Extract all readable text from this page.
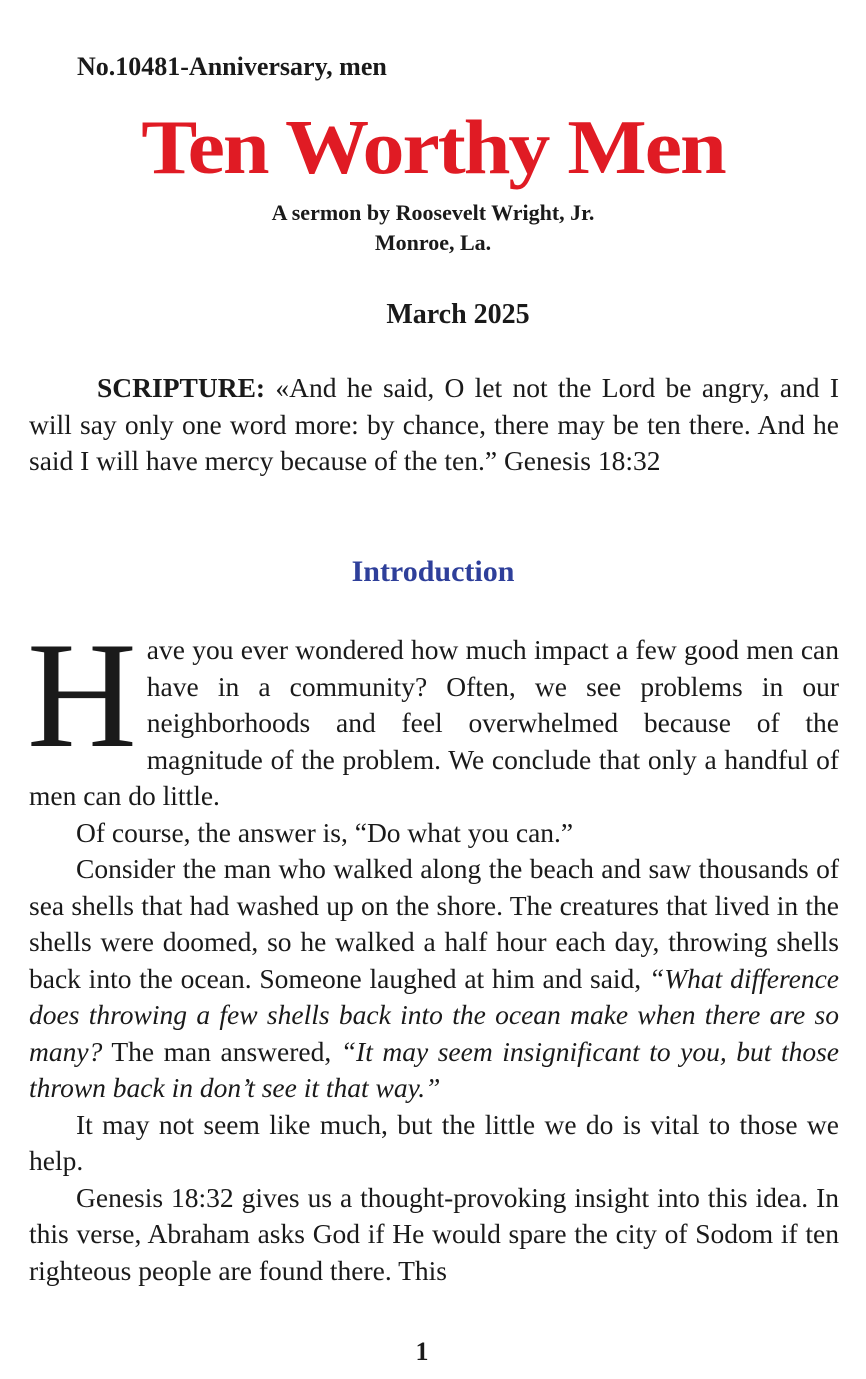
No.10481-Anniversary, men
Ten Worthy Men
A sermon by Roosevelt Wright, Jr.
Monroe, La.
March 2025
SCRIPTURE: «And he said, O let not the Lord be angry, and I will say only one word more: by chance, there may be ten there. And he said I will have mercy because of the ten.” Genesis 18:32
Introduction

Have you ever wondered how much impact a few good men can have in a community? Often, we see problems in our neighborhoods and feel overwhelmed because of the magnitude of the problem. We conclude that only a handful of men can do little.

Of course, the answer is, “Do what you can.”

Consider the man who walked along the beach and saw thousands of sea shells that had washed up on the shore. The creatures that lived in the shells were doomed, so he walked a half hour each day, throwing shells back into the ocean. Someone laughed at him and said, “What difference does throwing a few shells back into the ocean make when there are so many? The man answered, “It may seem insignificant to you, but those thrown back in don’t see it that way.”

It may not seem like much, but the little we do is vital to those we help.

Genesis 18:32 gives us a thought-provoking insight into this idea. In this verse, Abraham asks God if He would spare the city of Sodom if ten righteous people are found there. This

1
